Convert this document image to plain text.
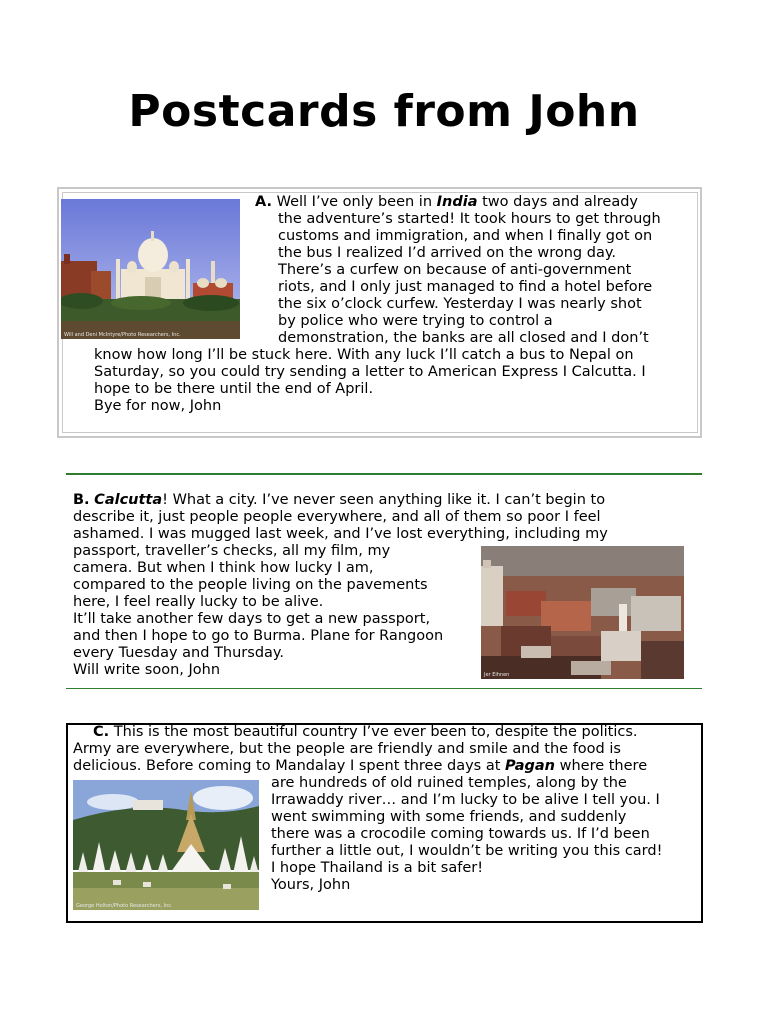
Postcards from John
Will and Deni McIntyre/Photo Researchers, Inc.
A. Well I’ve only been in India two days and already
the adventure’s started! It took hours to get through
customs and immigration, and when I finally got on
the bus I realized I’d arrived on the wrong day.
There’s a curfew on because of anti-government
riots, and I only just managed to find a hotel before
the six o’clock curfew. Yesterday I was nearly shot
by police who were trying to control a
demonstration, the banks are all closed and I don’t
know how long I’ll be stuck here. With any luck I’ll catch a bus to Nepal on
Saturday, so you could try sending a letter to American Express I Calcutta. I
hope to be there until the end of April.
Bye for now, John
Jer Eihnen
B. Calcutta! What a city. I’ve never seen anything like it. I can’t begin to
describe it, just people people everywhere, and all of them so poor I feel
ashamed. I was mugged last week, and I’ve lost everything, including my
passport, traveller’s checks, all my film, my
camera. But when I think how lucky I am,
compared to the people living on the pavements
here, I feel really lucky to be alive.
It’ll take another few days to get a new passport,
and then I hope to go to Burma. Plane for Rangoon
every Tuesday and Thursday.
Will write soon, John
George Holton/Photo Researchers, Inc.
C. This is the most beautiful country I’ve ever been to, despite the politics.
Army are everywhere, but the people are friendly and smile and the food is
delicious. Before coming to Mandalay I spent three days at Pagan where there
are hundreds of old ruined temples, along by the
Irrawaddy river… and I’m lucky to be alive I tell you. I
went swimming with some friends, and suddenly
there was a crocodile coming towards us. If I’d been
further a little out, I wouldn’t be writing you this card!
I hope Thailand is a bit safer!
Yours, John
